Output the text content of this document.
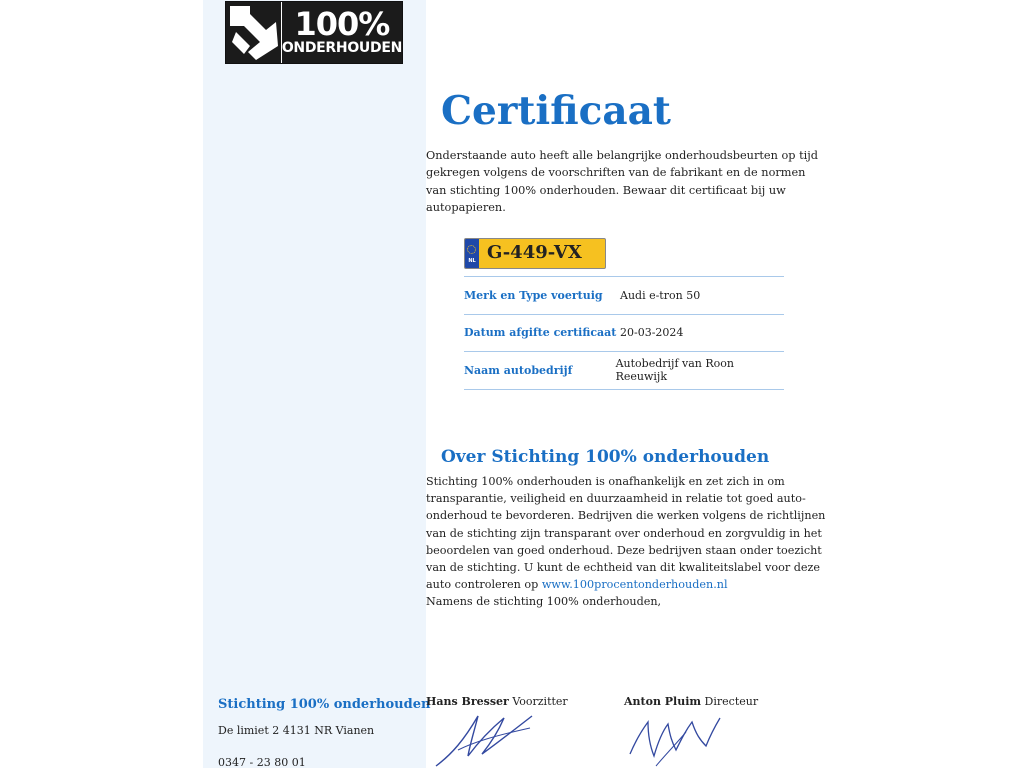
100%
ONDERHOUDEN
Certificaat

Onderstaande auto heeft alle belangrijke onderhoudsbeurten op tijd gekregen volgens de voorschriften van de fabrikant en de normen van stichting 100% onderhouden. Bewaar dit certificaat bij uw autopapieren.

NL G-449-VX
Merk en Type voertuig	Audi e-tron 50
Datum afgifte certificaat 20-03-2024
Naam autobedrijf	Autobedrijf van Roon Reeuwijk
Over Stichting 100% onderhouden

Stichting 100% onderhouden is onafhankelijk en zet zich in om transparantie, veiligheid en duurzaamheid in relatie tot goed auto-onderhoud te bevorderen. Bedrijven die werken volgens de richtlijnen van de stichting zijn transparant over onderhoud en zorgvuldig in het beoordelen van goed onderhoud. Deze bedrijven staan onder toezicht van de stichting. U kunt de echtheid van dit kwaliteitslabel voor deze auto controleren op www.100procentonderhouden.nl
Namens de stichting 100% onderhouden,

Stichting 100% onderhouden
De limiet 2 4131 NR Vianen
0347 - 23 80 01
Hans Bresser Voorzitter	Anton Pluim Directeur
